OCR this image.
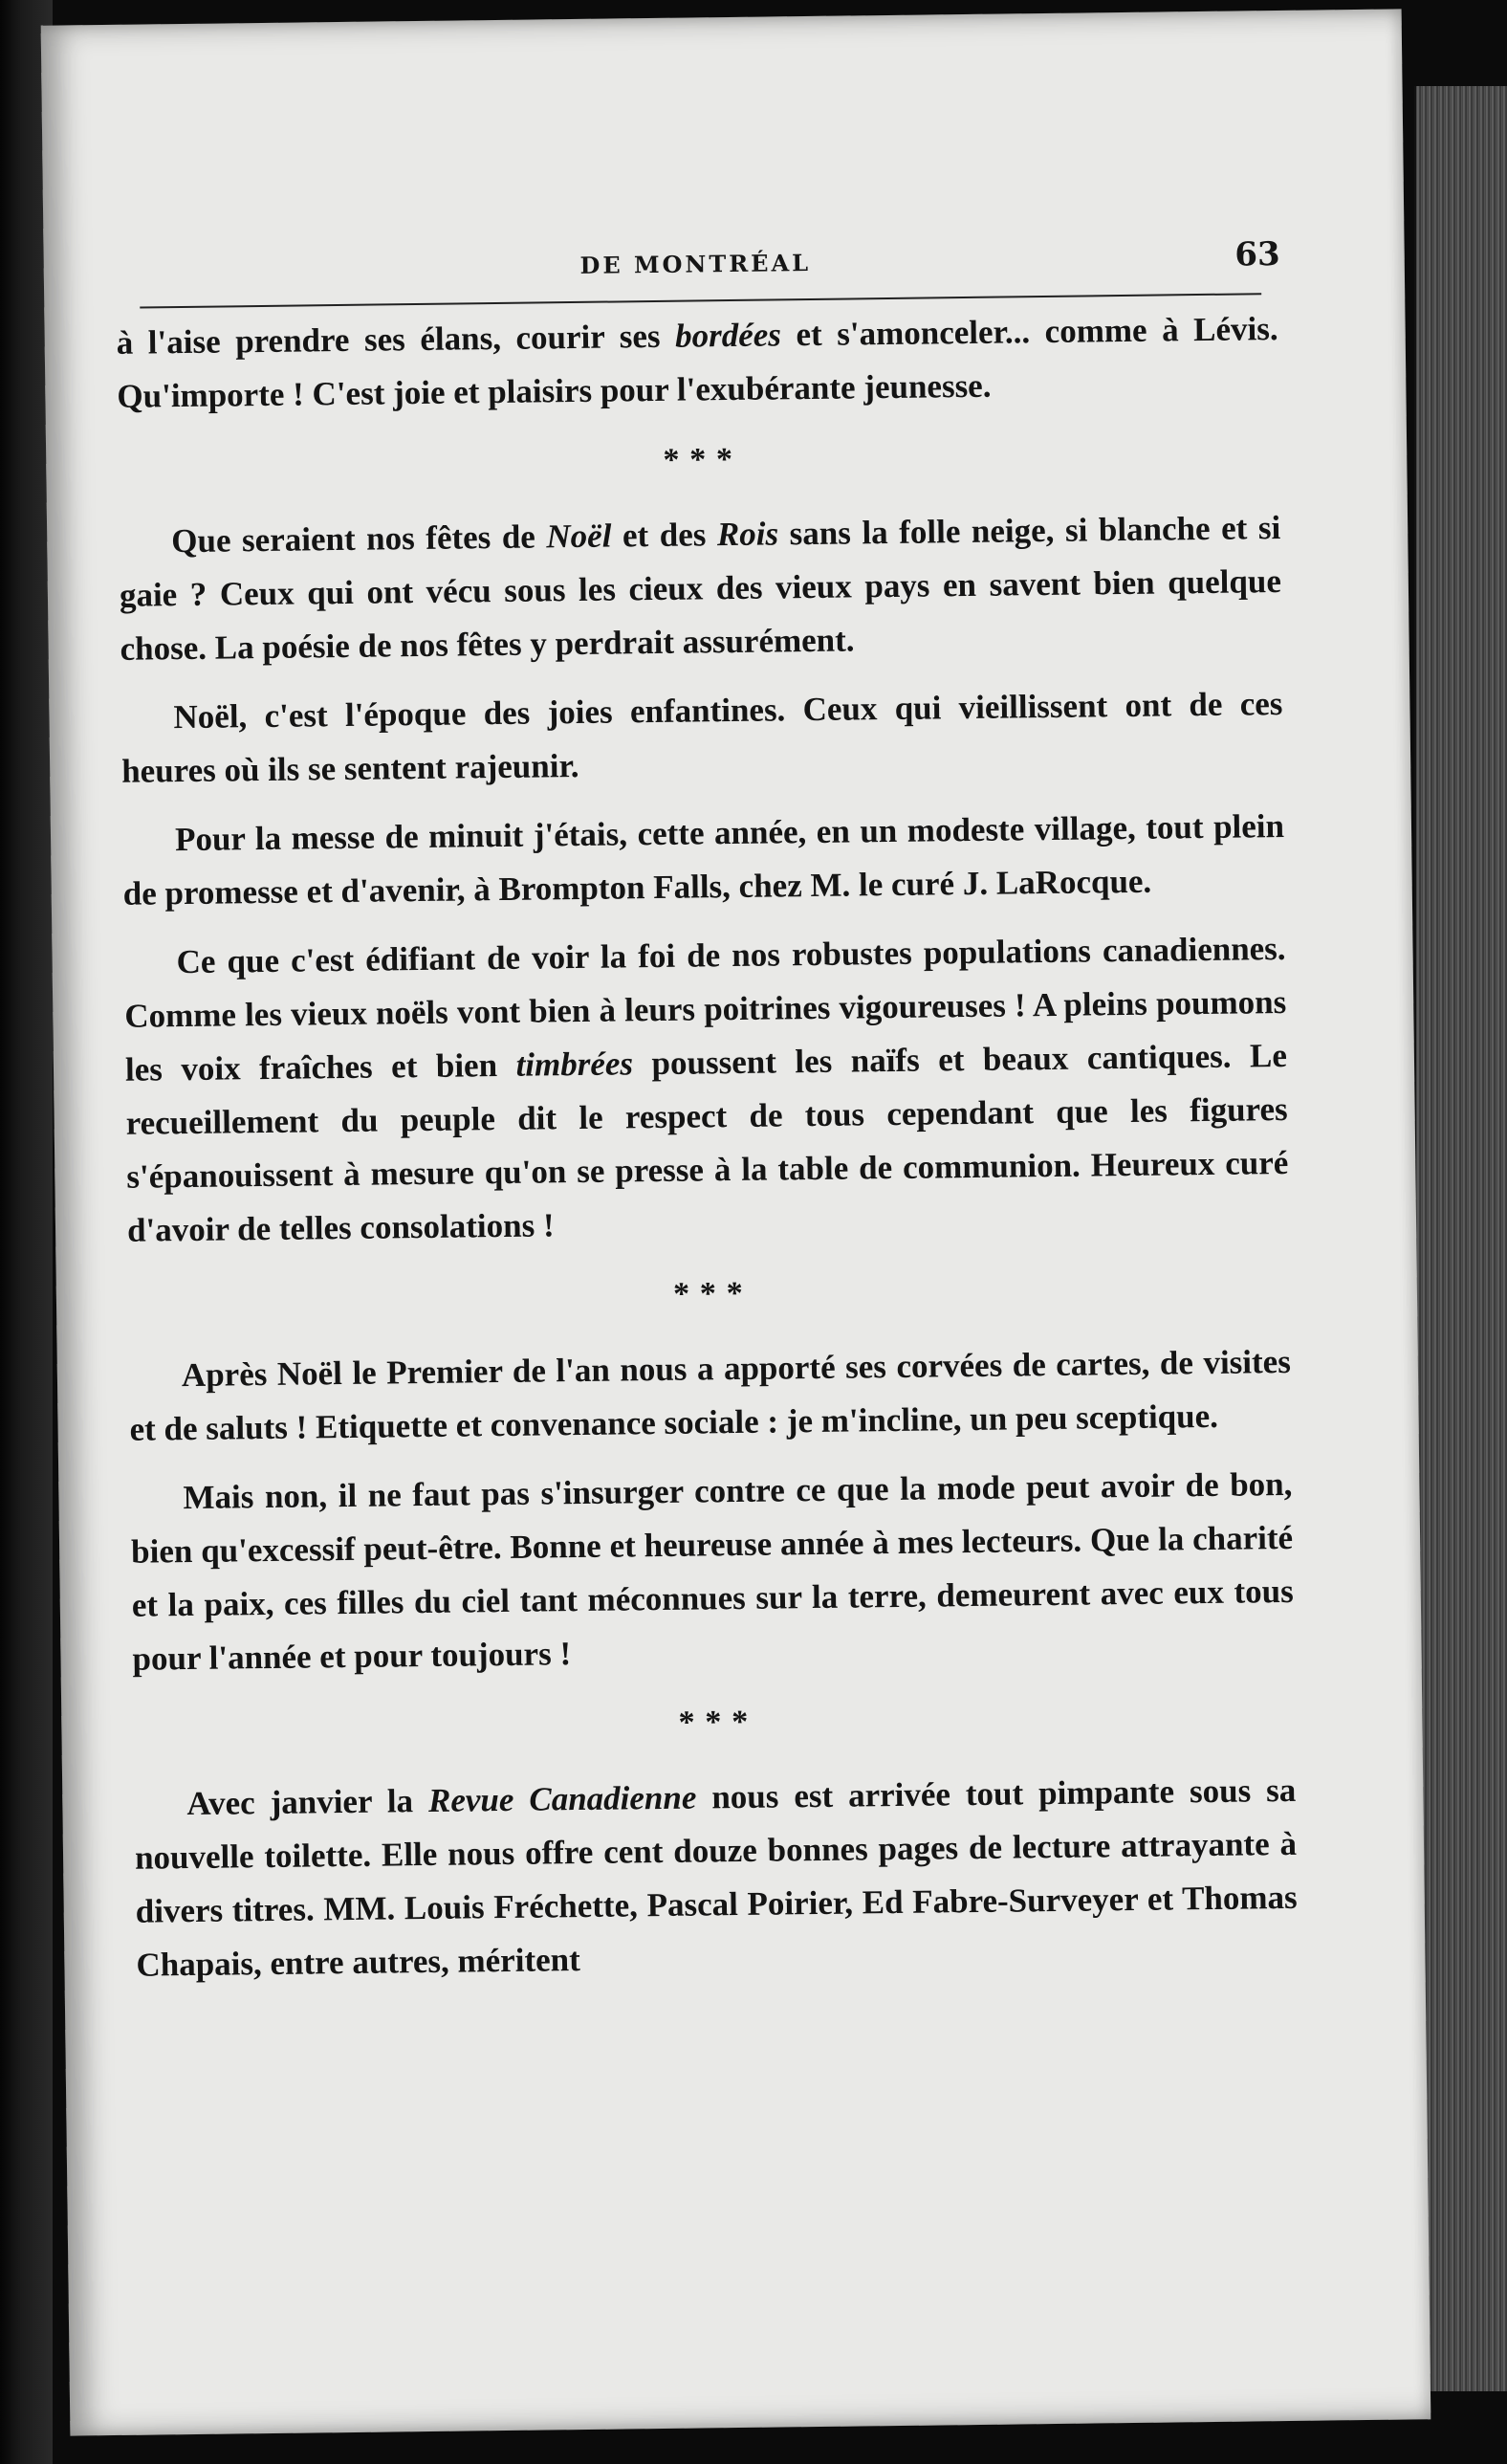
DE MONTRÉAL	63

à l'aise prendre ses élans, courir ses bordées et s'amonceler... comme à Lévis. Qu'importe ! C'est joie et plaisirs pour l'exubérante jeunesse.

* * *

Que seraient nos fêtes de Noël et des Rois sans la folle neige, si blanche et si gaie ? Ceux qui ont vécu sous les cieux des vieux pays en savent bien quelque chose. La poésie de nos fêtes y perdrait assurément.

Noël, c'est l'époque des joies enfantines. Ceux qui vieillissent ont de ces heures où ils se sentent rajeunir.

Pour la messe de minuit j'étais, cette année, en un modeste village, tout plein de promesse et d'avenir, à Brompton Falls, chez M. le curé J. LaRocque.

Ce que c'est édifiant de voir la foi de nos robustes populations canadiennes. Comme les vieux noëls vont bien à leurs poitrines vigoureuses ! A pleins poumons les voix fraîches et bien timbrées poussent les naïfs et beaux cantiques. Le recueillement du peuple dit le respect de tous cependant que les figures s'épanouissent à mesure qu'on se presse à la table de communion. Heureux curé d'avoir de telles consolations !

* * *

Après Noël le Premier de l'an nous a apporté ses corvées de cartes, de visites et de saluts ! Etiquette et convenance sociale : je m'incline, un peu sceptique.

Mais non, il ne faut pas s'insurger contre ce que la mode peut avoir de bon, bien qu'excessif peut-être. Bonne et heureuse année à mes lecteurs. Que la charité et la paix, ces filles du ciel tant méconnues sur la terre, demeurent avec eux tous pour l'année et pour toujours !

* * *

Avec janvier la Revue Canadienne nous est arrivée tout pimpante sous sa nouvelle toilette. Elle nous offre cent douze bonnes pages de lecture attrayante à divers titres. MM. Louis Fréchette, Pascal Poirier, Ed Fabre-Surveyer et Thomas Chapais, entre autres, méritent
